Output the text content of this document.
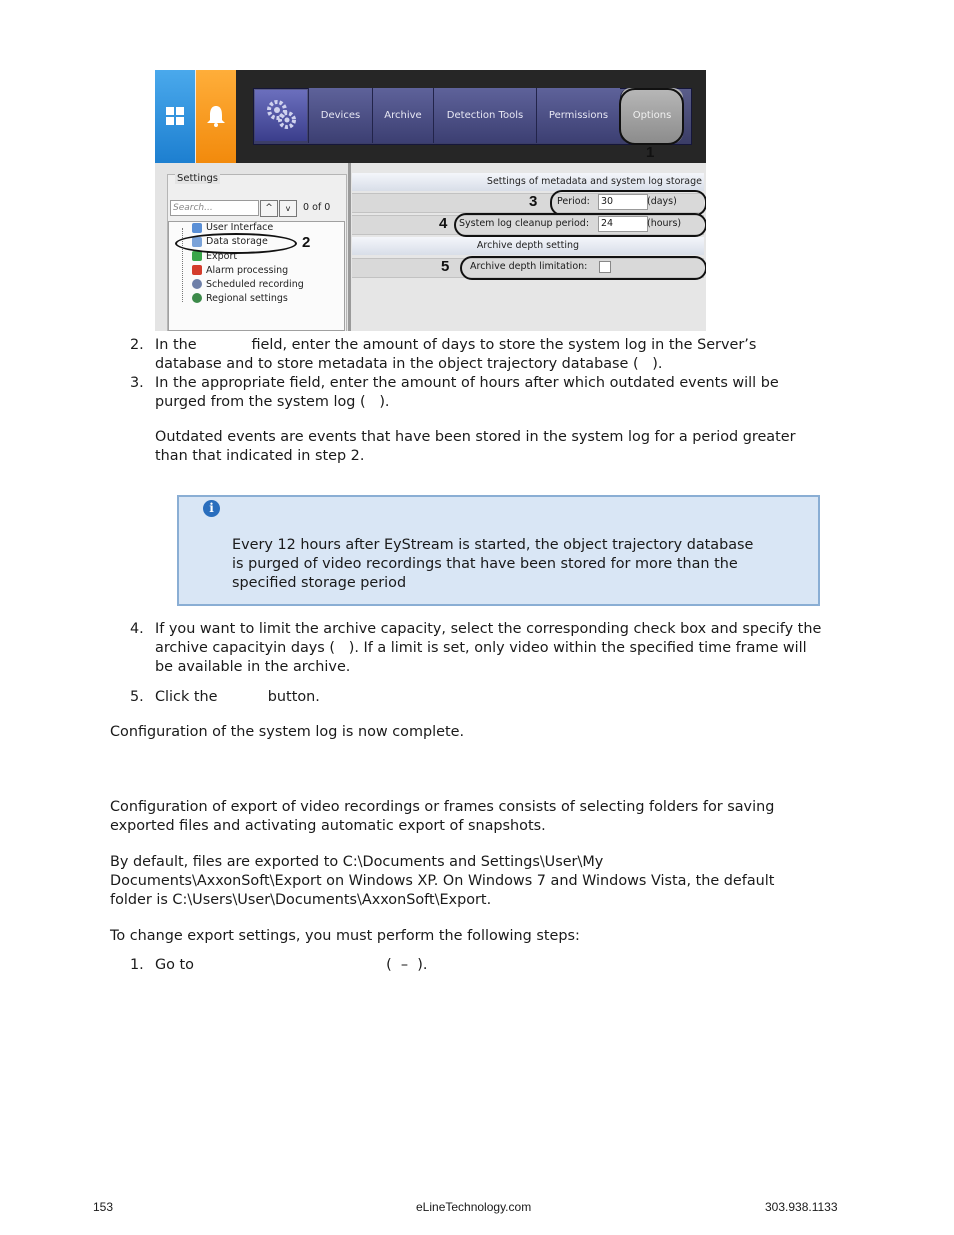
Devices	Archive	Detection Tools	Permissions	Options
1
Settings
Search...	^	v	0 of 0
User Interface
Data storage
Export
Alarm processing
Scheduled recording
Regional settings
2
Settings of metadata and system log storage
Period:	30	(days)
3
System log cleanup period:	24	(hours)
4
Archive depth setting
Archive depth limitation:
5
2. In the            field, enter the amount of days to store the system log in the Server’s
database and to store metadata in the object trajectory database (   ).
3. In the appropriate field, enter the amount of hours after which outdated events will be
purged from the system log (   ).
Outdated events are events that have been stored in the system log for a period greater
than that indicated in step 2.
i
Every 12 hours after EyStream is started, the object trajectory database
is purged of video recordings that have been stored for more than the
specified storage period
4. If you want to limit the archive capacity, select the corresponding check box and specify the
archive capacityin days (   ). If a limit is set, only video within the specified time frame will
be available in the archive.
5. Click the           button.
Configuration of the system log is now complete.
Configuration of export of video recordings or frames consists of selecting folders for saving
exported files and activating automatic export of snapshots.
By default, files are exported to C:\Documents and Settings\User\My
Documents\AxxonSoft\Export on Windows XP. On Windows 7 and Windows Vista, the default
folder is C:\Users\User\Documents\AxxonSoft\Export.
To change export settings, you must perform the following steps:
1. Go to                                          (  –  ).
153	eLineTechnology.com	303.938.1133
